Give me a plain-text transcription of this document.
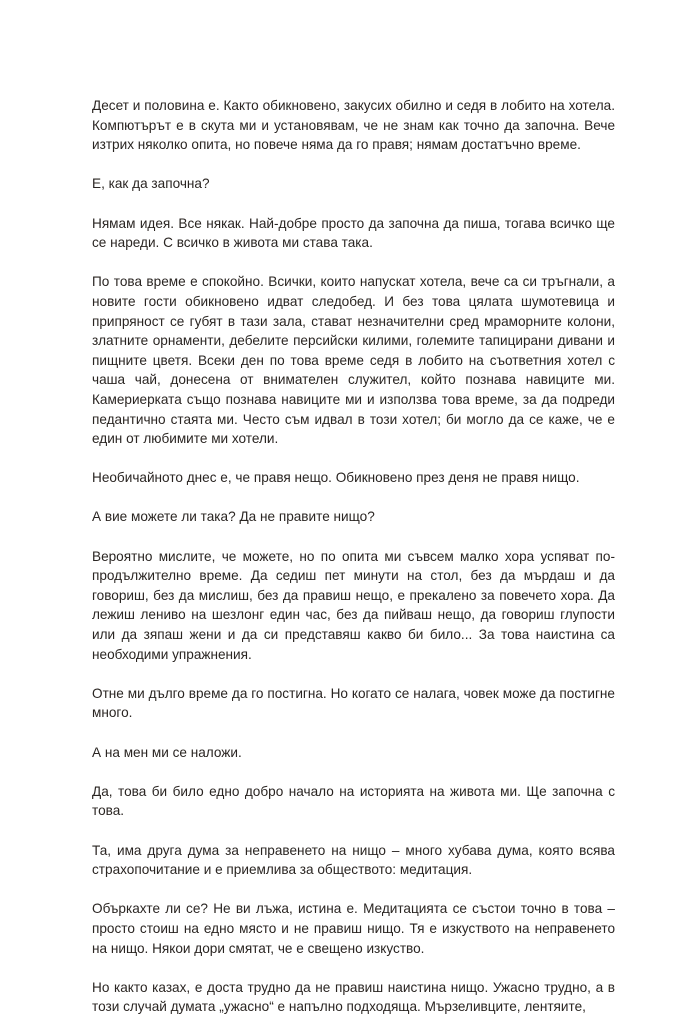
Десет и половина е. Както обикновено, закусих обилно и седя в лобито на хотела. Компютърът е в скута ми и установявам, че не знам как точно да започна. Вече изтрих няколко опита, но повече няма да го правя; нямам достатъчно време.

Е, как да започна?

Нямам идея. Все някак. Най-добре просто да започна да пиша, тогава всичко ще се нареди. С всичко в живота ми става така.

По това време е спокойно. Всички, които напускат хотела, вече са си тръгнали, а новите гости обикновено идват следобед. И без това цялата шумотевица и припряност се губят в тази зала, стават незначителни сред мраморните колони, златните орнаменти, дебелите персийски килими, големите тапицирани дивани и пищните цветя. Всеки ден по това време седя в лобито на съответния хотел с чаша чай, донесена от внимателен служител, който познава навиците ми. Камериерката също познава навиците ми и използва това време, за да подреди педантично стаята ми. Често съм идвал в този хотел; би могло да се каже, че е един от любимите ми хотели.

Необичайното днес е, че правя нещо. Обикновено през деня не правя нищо.

А вие можете ли така? Да не правите нищо?

Вероятно мислите, че можете, но по опита ми съвсем малко хора успяват по-продължително време. Да седиш пет минути на стол, без да мърдаш и да говориш, без да мислиш, без да правиш нещо, е прекалено за повечето хора. Да лежиш лениво на шезлонг един час, без да пийваш нещо, да говориш глупости или да зяпаш жени и да си представяш какво би било... За това наистина са необходими упражнения.

Отне ми дълго време да го постигна. Но когато се налага, човек може да постигне много.

А на мен ми се наложи.

Да, това би било едно добро начало на историята на живота ми. Ще започна с това.

Та, има друга дума за неправенето на нищо – много хубава дума, която всява страхопочитание и е приемлива за обществото: медитация.

Объркахте ли се? Не ви лъжа, истина е. Медитацията се състои точно в това – просто стоиш на едно място и не правиш нищо. Тя е изкуството на неправенето на нищо. Някои дори смятат, че е свещено изкуство.

Но както казах, е доста трудно да не правиш наистина нищо. Ужасно трудно, а в този случай думата „ужасно“ е напълно подходяща. Мързеливците, лентяите,
